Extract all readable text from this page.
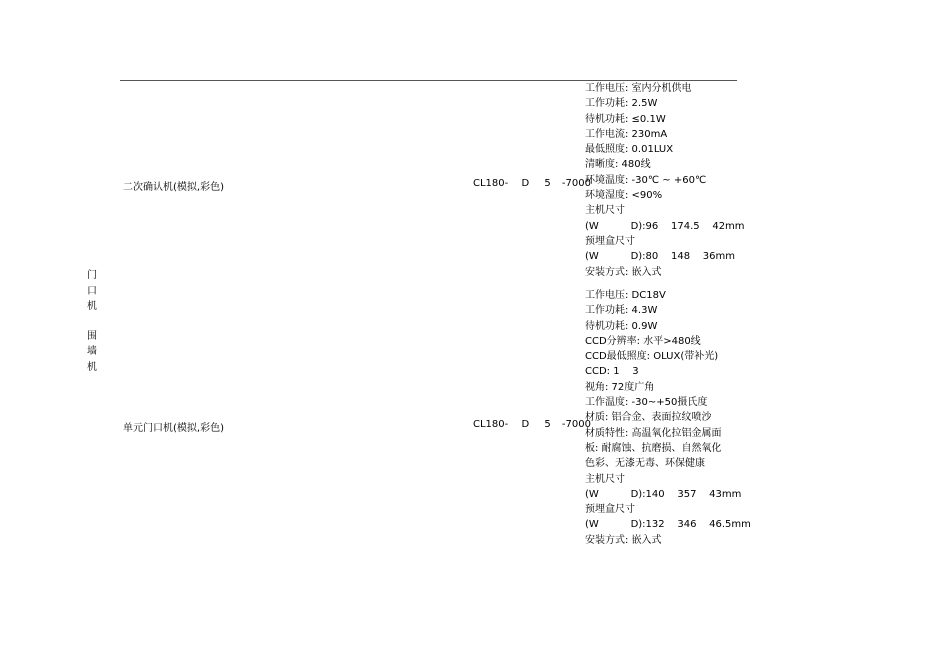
门
口
机
围
墙
机
二次确认机(模拟,彩色)	CL180- D 5 -7000
工作电压: 室内分机供电
工作功耗: 2.5W
待机功耗: ≤0.1W
工作电流: 230mA
最低照度: 0.01LUX
清晰度: 480线
环境温度: -30℃ ~ +60℃
环境湿度: <90%
主机尺寸
(W          D):96    174.5    42mm
预埋盒尺寸
(W          D):80    148    36mm
安装方式: 嵌入式
单元门口机(模拟,彩色)	CL180- D 5 -7000
工作电压: DC18V
工作功耗: 4.3W
待机功耗: 0.9W
CCD分辨率: 水平>480线
CCD最低照度: OLUX(带补光)
CCD: 1    3
视角: 72度广角
工作温度: -30~+50摄氏度
材质: 铝合金、表面拉纹喷沙
材质特性: 高温氧化拉铝金属面
板: 耐腐蚀、抗磨损、自然氧化
色彩、无漆无毒、环保健康
主机尺寸
(W          D):140    357    43mm
预埋盒尺寸
(W          D):132    346    46.5mm
安装方式: 嵌入式
